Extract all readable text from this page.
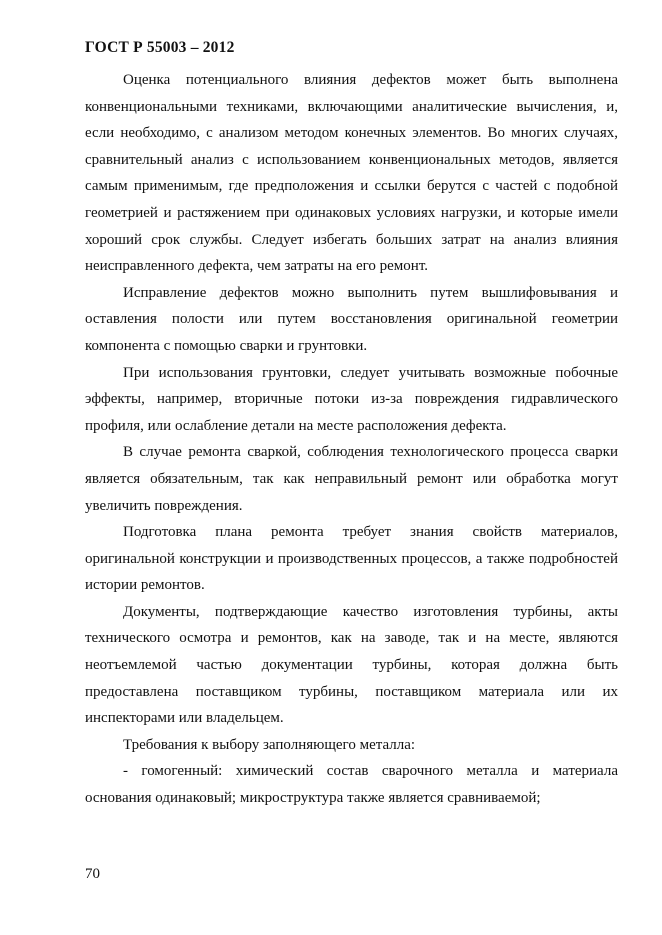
ГОСТ Р 55003 – 2012

Оценка потенциального влияния дефектов может быть выполнена конвенциональными техниками, включающими аналитические вычисления, и, если необходимо, с анализом методом конечных элементов. Во многих случаях, сравнительный анализ с использованием конвенциональных методов, является самым применимым, где предположения и ссылки берутся с частей с подобной геометрией и растяжением при одинаковых условиях нагрузки, и которые имели хороший срок службы. Следует избегать больших затрат на анализ влияния неисправленного дефекта, чем затраты на его ремонт.

Исправление дефектов можно выполнить путем вышлифовывания и оставления полости или путем восстановления оригинальной геометрии компонента с помощью сварки и грунтовки.

При использования грунтовки, следует учитывать возможные побочные эффекты, например, вторичные потоки из-за повреждения гидравлического профиля, или ослабление детали на месте расположения дефекта.

В случае ремонта сваркой, соблюдения технологического процесса сварки является обязательным, так как неправильный ремонт или обработка могут увеличить повреждения.

Подготовка плана ремонта требует знания свойств материалов, оригинальной конструкции и производственных процессов, а также подробностей истории ремонтов.

Документы, подтверждающие качество изготовления турбины, акты технического осмотра и ремонтов, как на заводе, так и на месте, являются неотъемлемой частью документации турбины, которая должна быть предоставлена поставщиком турбины, поставщиком материала или их инспекторами или владельцем.

Требования к выбору заполняющего металла:

- гомогенный: химический состав сварочного металла и материала основания одинаковый; микроструктура также является сравниваемой;

70
